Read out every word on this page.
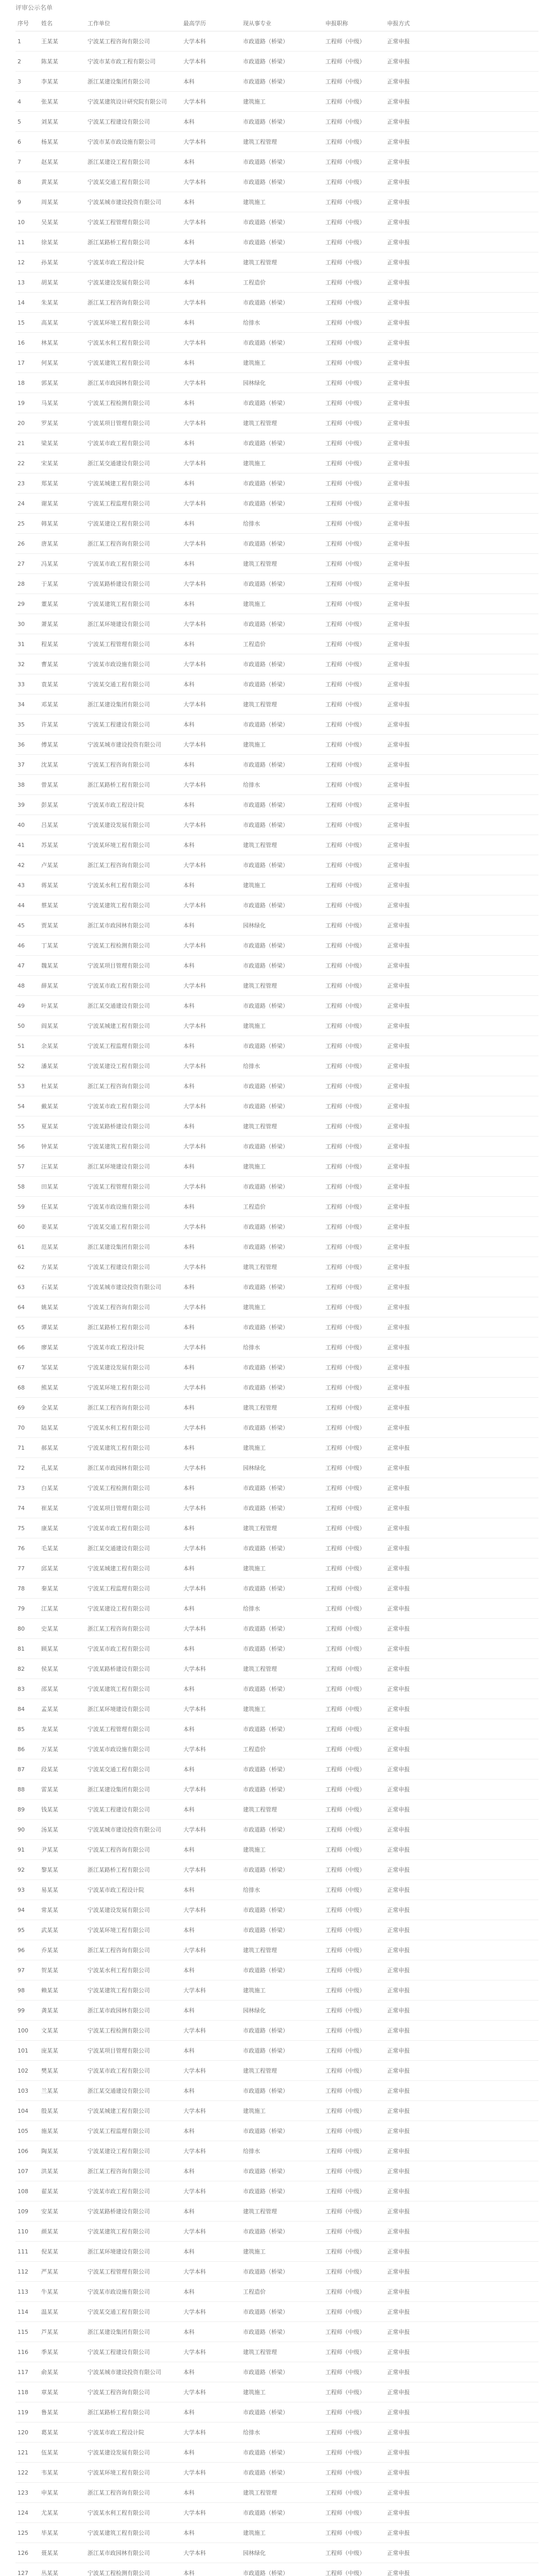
评审公示名单
序号	姓名	工作单位	最高学历	现从事专业	申报职称	申报方式	
1	王某某	宁波某工程咨询有限公司	大学本科	市政道路（桥梁）	工程师（中级）	正常申报	
2	陈某某	宁波市某市政工程有限公司	大学本科	市政道路（桥梁）	工程师（中级）	正常申报	
3	李某某	浙江某建设集团有限公司	本科	市政道路（桥梁）	工程师（中级）	正常申报	
4	张某某	宁波某建筑设计研究院有限公司	大学本科	建筑施工	工程师（中级）	正常申报	
5	刘某某	宁波某工程建设有限公司	本科	市政道路（桥梁）	工程师（中级）	正常申报	
6	杨某某	宁波市某市政设施有限公司	大学本科	建筑工程管理	工程师（中级）	正常申报	
7	赵某某	浙江某建设工程有限公司	本科	市政道路（桥梁）	工程师（中级）	正常申报	
8	黄某某	宁波某交通工程有限公司	大学本科	市政道路（桥梁）	工程师（中级）	正常申报	
9	周某某	宁波某城市建设投资有限公司	本科	建筑施工	工程师（中级）	正常申报	
10	吴某某	宁波某工程管理有限公司	大学本科	市政道路（桥梁）	工程师（中级）	正常申报	
11	徐某某	浙江某路桥工程有限公司	本科	市政道路（桥梁）	工程师（中级）	正常申报	
12	孙某某	宁波某市政工程设计院	大学本科	建筑工程管理	工程师（中级）	正常申报	
13	胡某某	宁波某建设发展有限公司	本科	工程造价	工程师（中级）	正常申报	
14	朱某某	浙江某工程咨询有限公司	大学本科	市政道路（桥梁）	工程师（中级）	正常申报	
15	高某某	宁波某环境工程有限公司	本科	给排水	工程师（中级）	正常申报	
16	林某某	宁波某水利工程有限公司	大学本科	市政道路（桥梁）	工程师（中级）	正常申报	
17	何某某	宁波某建筑工程有限公司	本科	建筑施工	工程师（中级）	正常申报	
18	郭某某	浙江某市政园林有限公司	大学本科	园林绿化	工程师（中级）	正常申报	
19	马某某	宁波某工程检测有限公司	本科	市政道路（桥梁）	工程师（中级）	正常申报	
20	罗某某	宁波某项目管理有限公司	大学本科	建筑工程管理	工程师（中级）	正常申报	
21	梁某某	宁波某市政工程有限公司	本科	市政道路（桥梁）	工程师（中级）	正常申报	
22	宋某某	浙江某交通建设有限公司	大学本科	建筑施工	工程师（中级）	正常申报	
23	郑某某	宁波某城建工程有限公司	本科	市政道路（桥梁）	工程师（中级）	正常申报	
24	谢某某	宁波某工程监理有限公司	大学本科	市政道路（桥梁）	工程师（中级）	正常申报	
25	韩某某	宁波某建设工程有限公司	本科	给排水	工程师（中级）	正常申报	
26	唐某某	浙江某工程咨询有限公司	大学本科	市政道路（桥梁）	工程师（中级）	正常申报	
27	冯某某	宁波某市政工程有限公司	本科	建筑工程管理	工程师（中级）	正常申报	
28	于某某	宁波某路桥建设有限公司	大学本科	市政道路（桥梁）	工程师（中级）	正常申报	
29	董某某	宁波某建筑工程有限公司	本科	建筑施工	工程师（中级）	正常申报	
30	萧某某	浙江某环境建设有限公司	大学本科	市政道路（桥梁）	工程师（中级）	正常申报	
31	程某某	宁波某工程管理有限公司	本科	工程造价	工程师（中级）	正常申报	
32	曹某某	宁波某市政设施有限公司	大学本科	市政道路（桥梁）	工程师（中级）	正常申报	
33	袁某某	宁波某交通工程有限公司	本科	市政道路（桥梁）	工程师（中级）	正常申报	
34	邓某某	浙江某建设集团有限公司	大学本科	建筑工程管理	工程师（中级）	正常申报	
35	许某某	宁波某工程建设有限公司	本科	市政道路（桥梁）	工程师（中级）	正常申报	
36	傅某某	宁波某城市建设投资有限公司	大学本科	建筑施工	工程师（中级）	正常申报	
37	沈某某	宁波某工程咨询有限公司	本科	市政道路（桥梁）	工程师（中级）	正常申报	
38	曾某某	浙江某路桥工程有限公司	大学本科	给排水	工程师（中级）	正常申报	
39	彭某某	宁波某市政工程设计院	本科	市政道路（桥梁）	工程师（中级）	正常申报	
40	吕某某	宁波某建设发展有限公司	大学本科	市政道路（桥梁）	工程师（中级）	正常申报	
41	苏某某	宁波某环境工程有限公司	本科	建筑工程管理	工程师（中级）	正常申报	
42	卢某某	浙江某工程咨询有限公司	大学本科	市政道路（桥梁）	工程师（中级）	正常申报	
43	蒋某某	宁波某水利工程有限公司	本科	建筑施工	工程师（中级）	正常申报	
44	蔡某某	宁波某建筑工程有限公司	大学本科	市政道路（桥梁）	工程师（中级）	正常申报	
45	贾某某	浙江某市政园林有限公司	本科	园林绿化	工程师（中级）	正常申报	
46	丁某某	宁波某工程检测有限公司	大学本科	市政道路（桥梁）	工程师（中级）	正常申报	
47	魏某某	宁波某项目管理有限公司	本科	市政道路（桥梁）	工程师（中级）	正常申报	
48	薛某某	宁波某市政工程有限公司	大学本科	建筑工程管理	工程师（中级）	正常申报	
49	叶某某	浙江某交通建设有限公司	本科	市政道路（桥梁）	工程师（中级）	正常申报	
50	阎某某	宁波某城建工程有限公司	大学本科	建筑施工	工程师（中级）	正常申报	
51	余某某	宁波某工程监理有限公司	本科	市政道路（桥梁）	工程师（中级）	正常申报	
52	潘某某	宁波某建设工程有限公司	大学本科	给排水	工程师（中级）	正常申报	
53	杜某某	浙江某工程咨询有限公司	本科	市政道路（桥梁）	工程师（中级）	正常申报	
54	戴某某	宁波某市政工程有限公司	大学本科	市政道路（桥梁）	工程师（中级）	正常申报	
55	夏某某	宁波某路桥建设有限公司	本科	建筑工程管理	工程师（中级）	正常申报	
56	钟某某	宁波某建筑工程有限公司	大学本科	市政道路（桥梁）	工程师（中级）	正常申报	
57	汪某某	浙江某环境建设有限公司	本科	建筑施工	工程师（中级）	正常申报	
58	田某某	宁波某工程管理有限公司	大学本科	市政道路（桥梁）	工程师（中级）	正常申报	
59	任某某	宁波某市政设施有限公司	本科	工程造价	工程师（中级）	正常申报	
60	姜某某	宁波某交通工程有限公司	大学本科	市政道路（桥梁）	工程师（中级）	正常申报	
61	范某某	浙江某建设集团有限公司	本科	市政道路（桥梁）	工程师（中级）	正常申报	
62	方某某	宁波某工程建设有限公司	大学本科	建筑工程管理	工程师（中级）	正常申报	
63	石某某	宁波某城市建设投资有限公司	本科	市政道路（桥梁）	工程师（中级）	正常申报	
64	姚某某	宁波某工程咨询有限公司	大学本科	建筑施工	工程师（中级）	正常申报	
65	谭某某	浙江某路桥工程有限公司	本科	市政道路（桥梁）	工程师（中级）	正常申报	
66	廖某某	宁波某市政工程设计院	大学本科	给排水	工程师（中级）	正常申报	
67	邹某某	宁波某建设发展有限公司	本科	市政道路（桥梁）	工程师（中级）	正常申报	
68	熊某某	宁波某环境工程有限公司	大学本科	市政道路（桥梁）	工程师（中级）	正常申报	
69	金某某	浙江某工程咨询有限公司	本科	建筑工程管理	工程师（中级）	正常申报	
70	陆某某	宁波某水利工程有限公司	大学本科	市政道路（桥梁）	工程师（中级）	正常申报	
71	郝某某	宁波某建筑工程有限公司	本科	建筑施工	工程师（中级）	正常申报	
72	孔某某	浙江某市政园林有限公司	大学本科	园林绿化	工程师（中级）	正常申报	
73	白某某	宁波某工程检测有限公司	本科	市政道路（桥梁）	工程师（中级）	正常申报	
74	崔某某	宁波某项目管理有限公司	大学本科	市政道路（桥梁）	工程师（中级）	正常申报	
75	康某某	宁波某市政工程有限公司	本科	建筑工程管理	工程师（中级）	正常申报	
76	毛某某	浙江某交通建设有限公司	大学本科	市政道路（桥梁）	工程师（中级）	正常申报	
77	邱某某	宁波某城建工程有限公司	本科	建筑施工	工程师（中级）	正常申报	
78	秦某某	宁波某工程监理有限公司	大学本科	市政道路（桥梁）	工程师（中级）	正常申报	
79	江某某	宁波某建设工程有限公司	本科	给排水	工程师（中级）	正常申报	
80	史某某	浙江某工程咨询有限公司	大学本科	市政道路（桥梁）	工程师（中级）	正常申报	
81	顾某某	宁波某市政工程有限公司	本科	市政道路（桥梁）	工程师（中级）	正常申报	
82	侯某某	宁波某路桥建设有限公司	大学本科	建筑工程管理	工程师（中级）	正常申报	
83	邵某某	宁波某建筑工程有限公司	本科	市政道路（桥梁）	工程师（中级）	正常申报	
84	孟某某	浙江某环境建设有限公司	大学本科	建筑施工	工程师（中级）	正常申报	
85	龙某某	宁波某工程管理有限公司	本科	市政道路（桥梁）	工程师（中级）	正常申报	
86	万某某	宁波某市政设施有限公司	大学本科	工程造价	工程师（中级）	正常申报	
87	段某某	宁波某交通工程有限公司	本科	市政道路（桥梁）	工程师（中级）	正常申报	
88	雷某某	浙江某建设集团有限公司	大学本科	市政道路（桥梁）	工程师（中级）	正常申报	
89	钱某某	宁波某工程建设有限公司	本科	建筑工程管理	工程师（中级）	正常申报	
90	汤某某	宁波某城市建设投资有限公司	大学本科	市政道路（桥梁）	工程师（中级）	正常申报	
91	尹某某	宁波某工程咨询有限公司	本科	建筑施工	工程师（中级）	正常申报	
92	黎某某	浙江某路桥工程有限公司	大学本科	市政道路（桥梁）	工程师（中级）	正常申报	
93	易某某	宁波某市政工程设计院	本科	给排水	工程师（中级）	正常申报	
94	常某某	宁波某建设发展有限公司	大学本科	市政道路（桥梁）	工程师（中级）	正常申报	
95	武某某	宁波某环境工程有限公司	本科	市政道路（桥梁）	工程师（中级）	正常申报	
96	乔某某	浙江某工程咨询有限公司	大学本科	建筑工程管理	工程师（中级）	正常申报	
97	贺某某	宁波某水利工程有限公司	本科	市政道路（桥梁）	工程师（中级）	正常申报	
98	赖某某	宁波某建筑工程有限公司	大学本科	建筑施工	工程师（中级）	正常申报	
99	龚某某	浙江某市政园林有限公司	本科	园林绿化	工程师（中级）	正常申报	
100	文某某	宁波某工程检测有限公司	大学本科	市政道路（桥梁）	工程师（中级）	正常申报	
101	庞某某	宁波某项目管理有限公司	本科	市政道路（桥梁）	工程师（中级）	正常申报	
102	樊某某	宁波某市政工程有限公司	大学本科	建筑工程管理	工程师（中级）	正常申报	
103	兰某某	浙江某交通建设有限公司	本科	市政道路（桥梁）	工程师（中级）	正常申报	
104	殷某某	宁波某城建工程有限公司	大学本科	建筑施工	工程师（中级）	正常申报	
105	施某某	宁波某工程监理有限公司	本科	市政道路（桥梁）	工程师（中级）	正常申报	
106	陶某某	宁波某建设工程有限公司	大学本科	给排水	工程师（中级）	正常申报	
107	洪某某	浙江某工程咨询有限公司	本科	市政道路（桥梁）	工程师（中级）	正常申报	
108	翟某某	宁波某市政工程有限公司	大学本科	市政道路（桥梁）	工程师（中级）	正常申报	
109	安某某	宁波某路桥建设有限公司	本科	建筑工程管理	工程师（中级）	正常申报	
110	颜某某	宁波某建筑工程有限公司	大学本科	市政道路（桥梁）	工程师（中级）	正常申报	
111	倪某某	浙江某环境建设有限公司	本科	建筑施工	工程师（中级）	正常申报	
112	严某某	宁波某工程管理有限公司	大学本科	市政道路（桥梁）	工程师（中级）	正常申报	
113	牛某某	宁波某市政设施有限公司	本科	工程造价	工程师（中级）	正常申报	
114	温某某	宁波某交通工程有限公司	大学本科	市政道路（桥梁）	工程师（中级）	正常申报	
115	芦某某	浙江某建设集团有限公司	本科	市政道路（桥梁）	工程师（中级）	正常申报	
116	季某某	宁波某工程建设有限公司	大学本科	建筑工程管理	工程师（中级）	正常申报	
117	俞某某	宁波某城市建设投资有限公司	本科	市政道路（桥梁）	工程师（中级）	正常申报	
118	章某某	宁波某工程咨询有限公司	大学本科	建筑施工	工程师（中级）	正常申报	
119	鲁某某	浙江某路桥工程有限公司	本科	市政道路（桥梁）	工程师（中级）	正常申报	
120	葛某某	宁波某市政工程设计院	大学本科	给排水	工程师（中级）	正常申报	
121	伍某某	宁波某建设发展有限公司	本科	市政道路（桥梁）	工程师（中级）	正常申报	
122	韦某某	宁波某环境工程有限公司	大学本科	市政道路（桥梁）	工程师（中级）	正常申报	
123	申某某	浙江某工程咨询有限公司	本科	建筑工程管理	工程师（中级）	正常申报	
124	尤某某	宁波某水利工程有限公司	大学本科	市政道路（桥梁）	工程师（中级）	正常申报	
125	毕某某	宁波某建筑工程有限公司	本科	建筑施工	工程师（中级）	正常申报	
126	聂某某	浙江某市政园林有限公司	大学本科	园林绿化	工程师（中级）	正常申报	
127	丛某某	宁波某工程检测有限公司	本科	市政道路（桥梁）	工程师（中级）	正常申报	
